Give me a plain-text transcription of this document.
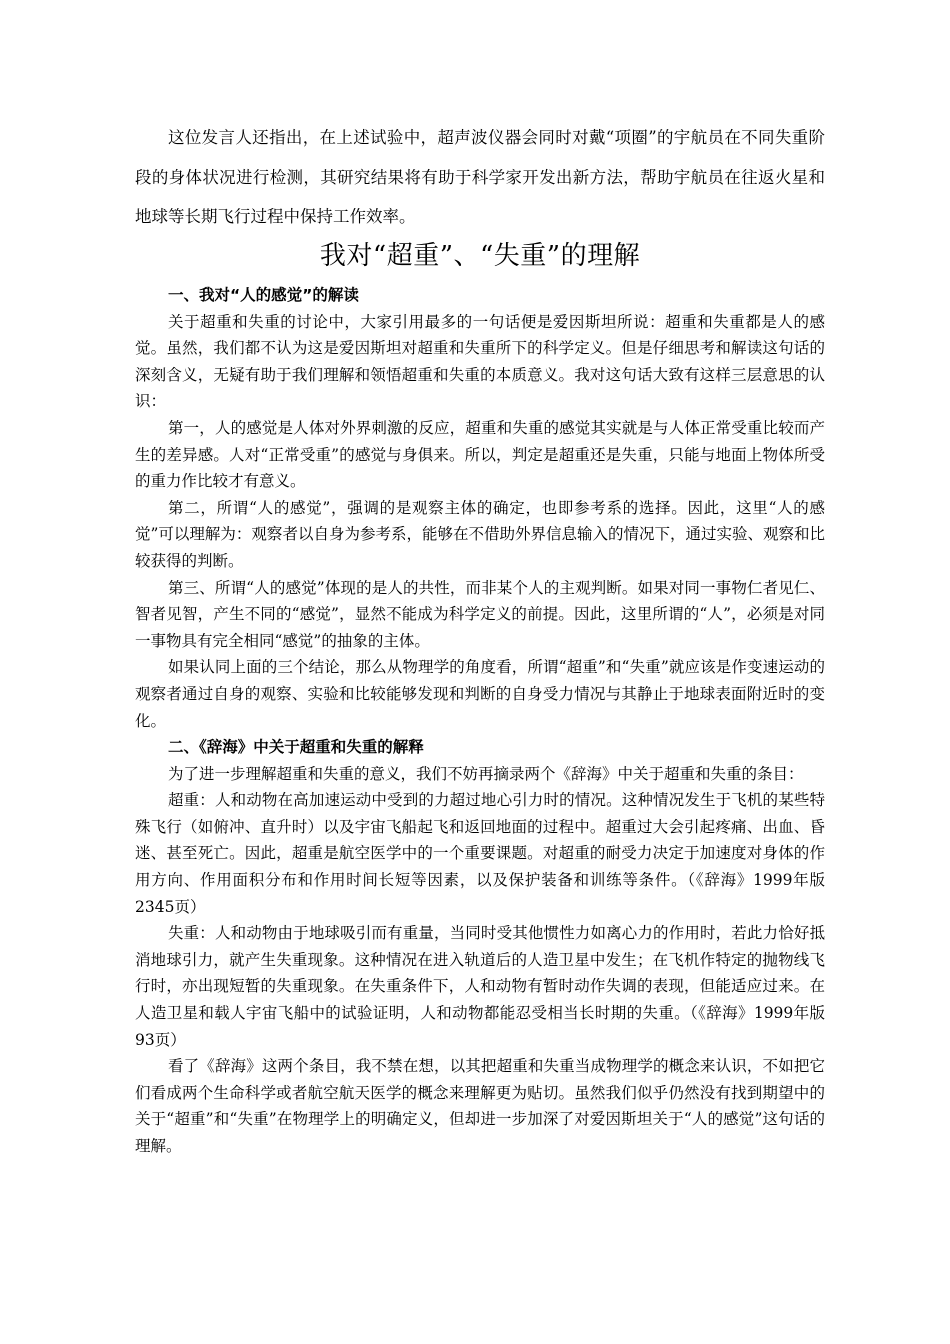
这位发言人还指出，在上述试验中，超声波仪器会同时对戴“项圈”的宇航员在不同失重阶段的身体状况进行检测，其研究结果将有助于科学家开发出新方法，帮助宇航员在往返火星和地球等长期飞行过程中保持工作效率。

我对“超重”、“失重”的理解
一、我对“人的感觉”的解读

关于超重和失重的讨论中，大家引用最多的一句话便是爱因斯坦所说：超重和失重都是人的感觉。虽然，我们都不认为这是爱因斯坦对超重和失重所下的科学定义。但是仔细思考和解读这句话的深刻含义，无疑有助于我们理解和领悟超重和失重的本质意义。我对这句话大致有这样三层意思的认识：

第一，人的感觉是人体对外界刺激的反应，超重和失重的感觉其实就是与人体正常受重比较而产生的差异感。人对“正常受重”的感觉与身俱来。所以，判定是超重还是失重，只能与地面上物体所受的重力作比较才有意义。

第二，所谓“人的感觉”，强调的是观察主体的确定，也即参考系的选择。因此，这里“人的感觉”可以理解为：观察者以自身为参考系，能够在不借助外界信息输入的情况下，通过实验、观察和比较获得的判断。

第三、所谓“人的感觉”体现的是人的共性，而非某个人的主观判断。如果对同一事物仁者见仁、智者见智，产生不同的“感觉”，显然不能成为科学定义的前提。因此，这里所谓的“人”，必须是对同一事物具有完全相同“感觉”的抽象的主体。

如果认同上面的三个结论，那么从物理学的角度看，所谓“超重”和“失重”就应该是作变速运动的观察者通过自身的观察、实验和比较能够发现和判断的自身受力情况与其静止于地球表面附近时的变化。

二、《辞海》中关于超重和失重的解释

为了进一步理解超重和失重的意义，我们不妨再摘录两个《辞海》中关于超重和失重的条目：

超重：人和动物在高加速运动中受到的力超过地心引力时的情况。这种情况发生于飞机的某些特殊飞行（如俯冲、直升时）以及宇宙飞船起飞和返回地面的过程中。超重过大会引起疼痛、出血、昏迷、甚至死亡。因此，超重是航空医学中的一个重要课题。对超重的耐受力决定于加速度对身体的作用方向、作用面积分布和作用时间长短等因素，以及保护装备和训练等条件。（《辞海》1999年版2345页）

失重：人和动物由于地球吸引而有重量，当同时受其他惯性力如离心力的作用时，若此力恰好抵消地球引力，就产生失重现象。这种情况在进入轨道后的人造卫星中发生；在飞机作特定的抛物线飞行时，亦出现短暂的失重现象。在失重条件下，人和动物有暂时动作失调的表现，但能适应过来。在人造卫星和载人宇宙飞船中的试验证明，人和动物都能忍受相当长时期的失重。（《辞海》1999年版93页）

看了《辞海》这两个条目，我不禁在想，以其把超重和失重当成物理学的概念来认识，不如把它们看成两个生命科学或者航空航天医学的概念来理解更为贴切。虽然我们似乎仍然没有找到期望中的关于“超重”和“失重”在物理学上的明确定义，但却进一步加深了对爱因斯坦关于“人的感觉”这句话的理解。
